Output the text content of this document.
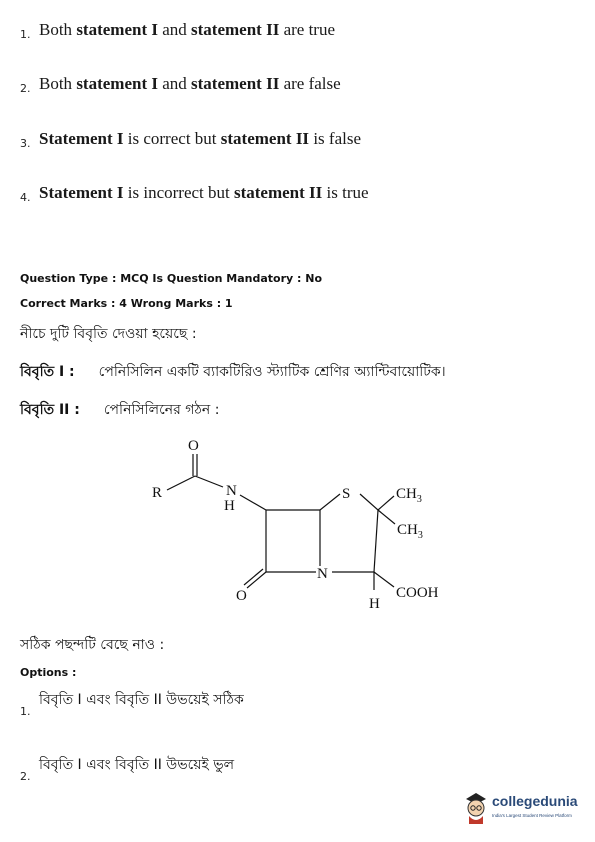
1. Both statement I and statement II are true
2. Both statement I and statement II are false
3. Statement I is correct but statement II is false
4. Statement I is incorrect but statement II is true
Question Type : MCQ Is Question Mandatory : No
Correct Marks : 4 Wrong Marks : 1
নীচে দুটি বিবৃতি দেওয়া হয়েছে :
বিবৃতি I : পেনিসিলিন একটি ব্যাকটিরিও স্ট্যাটিক শ্রেণির অ্যান্টিবায়োটিক।
বিবৃতি II : পেনিসিলিনের গঠন :
O
R	N
H
S	$CH_3$
$CH_3$
N
COOH
H
O
সঠিক পছন্দটি বেছে নাও :
Options :
1.
বিবৃতি I এবং বিবৃতি II উভয়েই সঠিক
2.
বিবৃতি I এবং বিবৃতি II উভয়েই ভুল
collegedunia
India's Largest Student Review Platform
